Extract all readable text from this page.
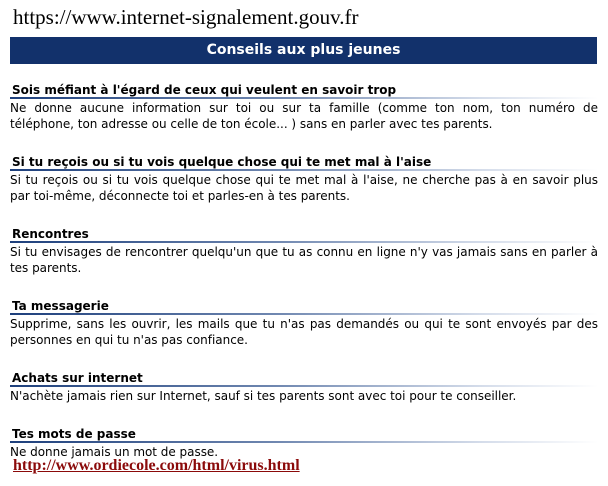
https://www.internet-signalement.gouv.fr
Conseils aux plus jeunes
Sois méfiant à l'égard de ceux qui veulent en savoir trop
Ne donne aucune information sur toi ou sur ta famille (comme ton nom, ton numéro de téléphone, ton adresse ou celle de ton école... ) sans en parler avec tes parents.
Si tu reçois ou si tu vois quelque chose qui te met mal à l'aise
Si tu reçois ou si tu vois quelque chose qui te met mal à l'aise, ne cherche pas à en savoir plus par toi-même, déconnecte toi et parles-en à tes parents.
Rencontres
Si tu envisages de rencontrer quelqu'un que tu as connu en ligne n'y vas jamais sans en parler à tes parents.
Ta messagerie
Supprime, sans les ouvrir, les mails que tu n'as pas demandés ou qui te sont envoyés par des personnes en qui tu n'as pas confiance.
Achats sur internet
N'achète jamais rien sur Internet, sauf si tes parents sont avec toi pour te conseiller.
Tes mots de passe
Ne donne jamais un mot de passe.
http://www.ordiecole.com/html/virus.html
